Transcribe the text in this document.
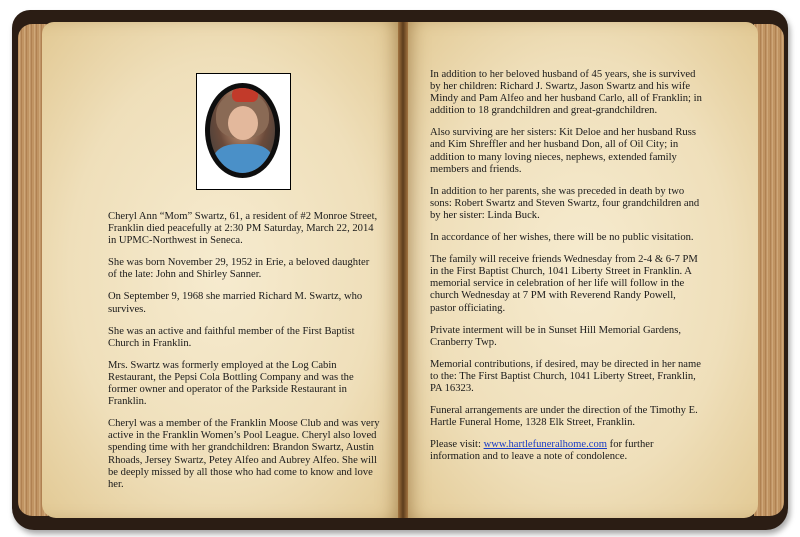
Cheryl Ann “Mom” Swartz, 61, a resident of #2 Monroe Street, Franklin died peacefully at 2:30 PM Saturday, March 22, 2014 in UPMC-Northwest in Seneca.

She was born November 29, 1952 in Erie, a beloved daughter of the late: John and Shirley Sanner.

On September 9, 1968 she married Richard M. Swartz, who survives.

She was an active and faithful member of the First Baptist Church in Franklin.

Mrs. Swartz was formerly employed at the Log Cabin Restaurant, the Pepsi Cola Bottling Company and was the former owner and operator of the Parkside Restaurant in Franklin.

Cheryl was a member of the Franklin Moose Club and was very active in the Franklin Women’s Pool League. Cheryl also loved spending time with her grandchildren: Brandon Swartz, Austin Rhoads, Jersey Swartz, Petey Alfeo and Aubrey Alfeo. She will be deeply missed by all those who had come to know and love her.

In addition to her beloved husband of 45 years, she is survived by her children: Richard J. Swartz, Jason Swartz and his wife Mindy and Pam Alfeo and her husband Carlo, all of Franklin; in addition to 18 grandchildren and great-grandchildren.

Also surviving are her sisters: Kit Deloe and her husband Russ and Kim Shreffler and her husband Don, all of Oil City; in addition to many loving nieces, nephews, extended family members and friends.

In addition to her parents, she was preceded in death by two sons: Robert Swartz and Steven Swartz, four grandchildren and by her sister: Linda Buck.

In accordance of her wishes, there will be no public visitation.

The family will receive friends Wednesday from 2-4 & 6-7 PM in the First Baptist Church, 1041 Liberty Street in Franklin. A memorial service in celebration of her life will follow in the church Wednesday at 7 PM with Reverend Randy Powell, pastor officiating.

Private interment will be in Sunset Hill Memorial Gardens, Cranberry Twp.

Memorial contributions, if desired, may be directed in her name to the: The First Baptist Church, 1041 Liberty Street, Franklin, PA 16323.

Funeral arrangements are under the direction of the Timothy E. Hartle Funeral Home, 1328 Elk Street, Franklin.

Please visit: www.hartlefuneralhome.com for further information and to leave a note of condolence.
